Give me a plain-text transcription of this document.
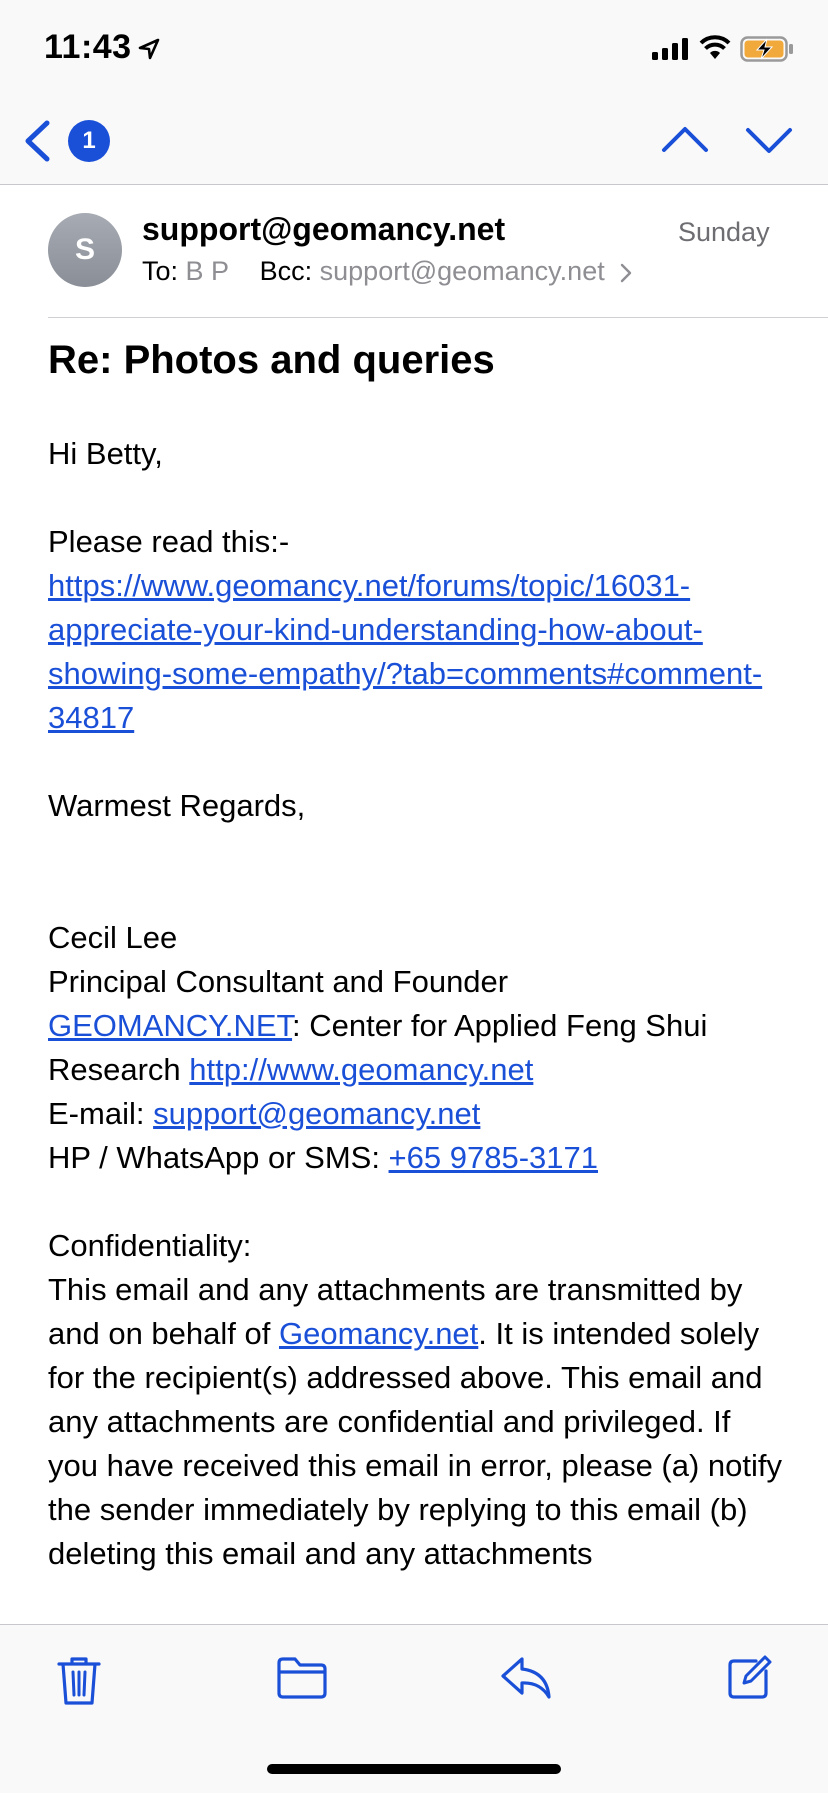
11:43
1
S
support@geomancy.net	Sunday
To: B P Bcc: support@geomancy.net
Re: Photos and queries

Hi Betty,

Please read this:-

https://www.geomancy.net/forums/topic/16031-appreciate-your-kind-understanding-how-about-showing-some-empathy/?tab=comments#comment-34817

Warmest Regards,

Cecil Lee

Principal Consultant and Founder

GEOMANCY.NET: Center for Applied Feng Shui Research http://www.geomancy.net

E-mail: support@geomancy.net

HP / WhatsApp or SMS: +65 9785-3171

Confidentiality:

This email and any attachments are transmitted by and on behalf of Geomancy.net. It is intended solely for the recipient(s) addressed above. This email and any attachments are confidential and privileged. If you have received this email in error, please (a) notify the sender immediately by replying to this email (b) deleting this email and any attachments
